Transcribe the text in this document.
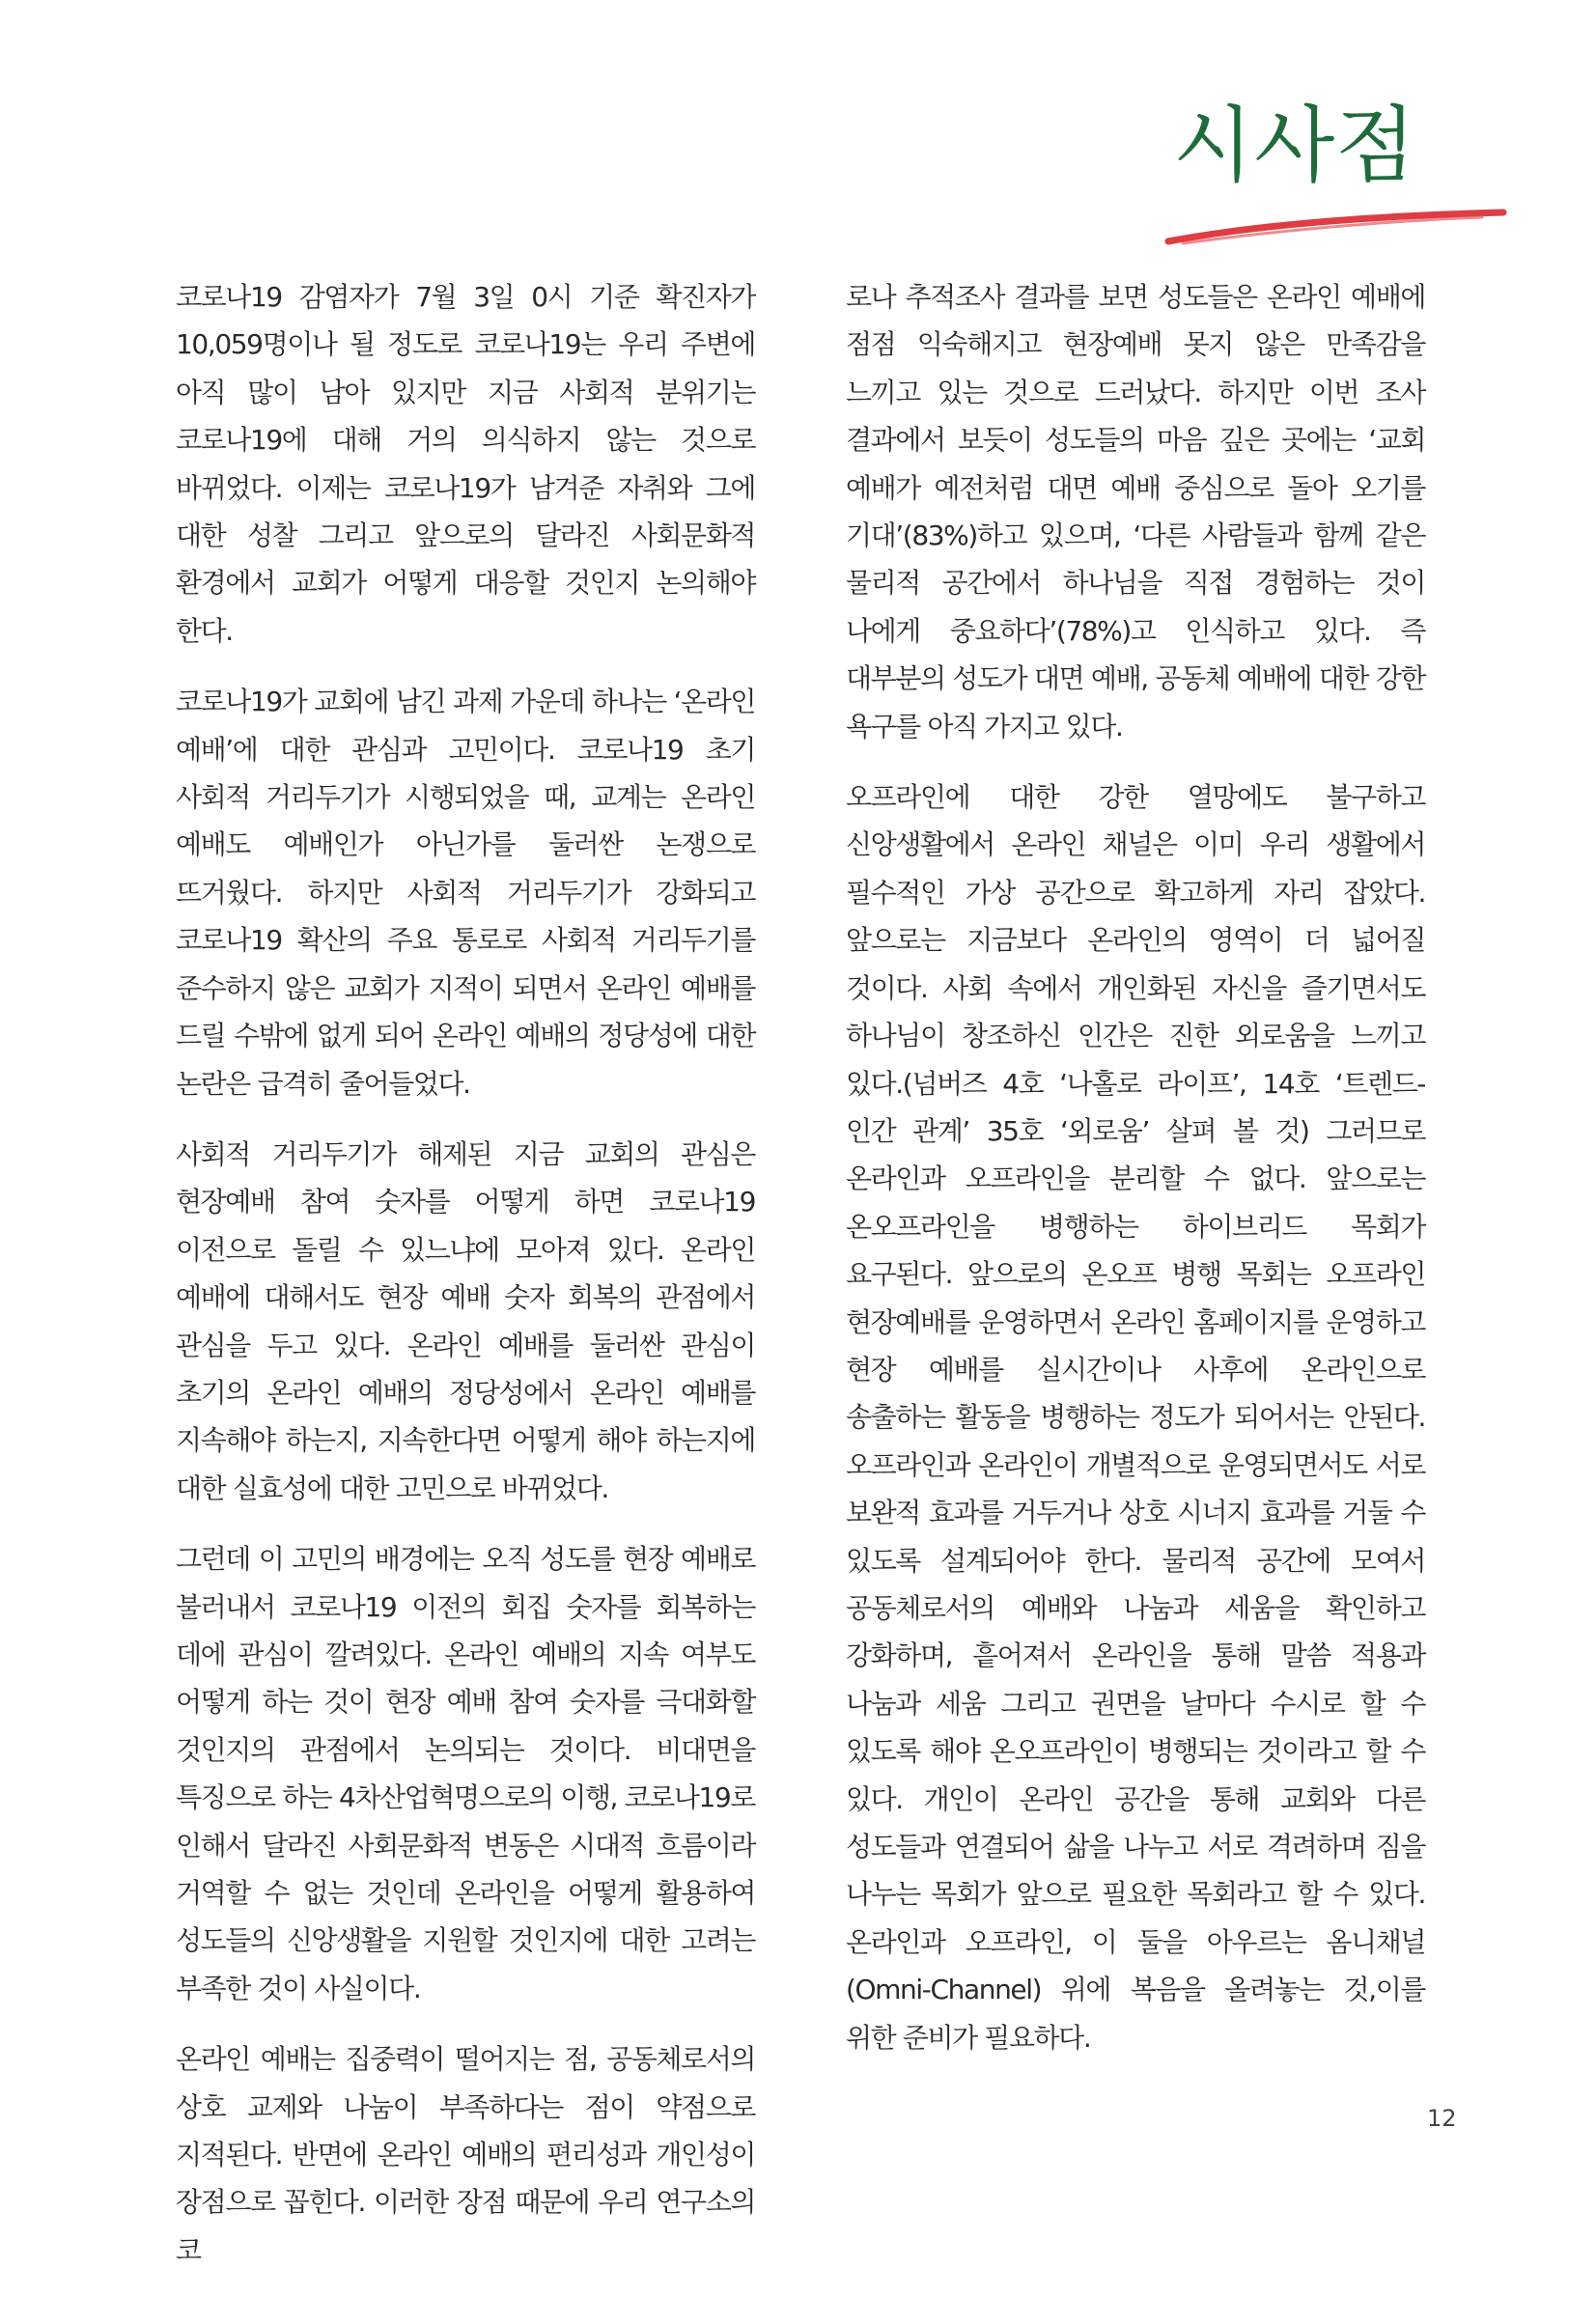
시사점

코로나19 감염자가 7월 3일 0시 기준 확진자가 10,059명이나 될 정도로 코로나19는 우리 주변에 아직 많이 남아 있지만 지금 사회적 분위기는 코로나19에 대해 거의 의식하지 않는 것으로 바뀌었다. 이제는 코로나19가 남겨준 자취와 그에 대한 성찰 그리고 앞으로의 달라진 사회문화적 환경에서 교회가 어떻게 대응할 것인지 논의해야 한다.

코로나19가 교회에 남긴 과제 가운데 하나는 ‘온라인 예배’에 대한 관심과 고민이다. 코로나19 초기 사회적 거리두기가 시행되었을 때, 교계는 온라인 예배도 예배인가 아닌가를 둘러싼 논쟁으로 뜨거웠다. 하지만 사회적 거리두기가 강화되고 코로나19 확산의 주요 통로로 사회적 거리두기를 준수하지 않은 교회가 지적이 되면서 온라인 예배를 드릴 수밖에 없게 되어 온라인 예배의 정당성에 대한 논란은 급격히 줄어들었다.

사회적 거리두기가 해제된 지금 교회의 관심은 현장예배 참여 숫자를 어떻게 하면 코로나19 이전으로 돌릴 수 있느냐에 모아져 있다. 온라인 예배에 대해서도 현장 예배 숫자 회복의 관점에서 관심을 두고 있다. 온라인 예배를 둘러싼 관심이 초기의 온라인 예배의 정당성에서 온라인 예배를 지속해야 하는지, 지속한다면 어떻게 해야 하는지에 대한 실효성에 대한 고민으로 바뀌었다.

그런데 이 고민의 배경에는 오직 성도를 현장 예배로 불러내서 코로나19 이전의 회집 숫자를 회복하는 데에 관심이 깔려있다. 온라인 예배의 지속 여부도 어떻게 하는 것이 현장 예배 참여 숫자를 극대화할 것인지의 관점에서 논의되는 것이다. 비대면을 특징으로 하는 4차산업혁명으로의 이행, 코로나19로 인해서 달라진 사회문화적 변동은 시대적 흐름이라 거역할 수 없는 것인데 온라인을 어떻게 활용하여 성도들의 신앙생활을 지원할 것인지에 대한 고려는 부족한 것이 사실이다.

온라인 예배는 집중력이 떨어지는 점, 공동체로서의 상호 교제와 나눔이 부족하다는 점이 약점으로 지적된다. 반면에 온라인 예배의 편리성과 개인성이 장점으로 꼽힌다. 이러한 장점 때문에 우리 연구소의 코

로나 추적조사 결과를 보면 성도들은 온라인 예배에 점점 익숙해지고 현장예배 못지 않은 만족감을 느끼고 있는 것으로 드러났다. 하지만 이번 조사 결과에서 보듯이 성도들의 마음 깊은 곳에는 ‘교회 예배가 예전처럼 대면 예배 중심으로 돌아 오기를 기대’(83%)하고 있으며, ‘다른 사람들과 함께 같은 물리적 공간에서 하나님을 직접 경험하는 것이 나에게 중요하다’(78%)고 인식하고 있다. 즉 대부분의 성도가 대면 예배, 공동체 예배에 대한 강한 욕구를 아직 가지고 있다.

오프라인에 대한 강한 열망에도 불구하고 신앙생활에서 온라인 채널은 이미 우리 생활에서 필수적인 가상 공간으로 확고하게 자리 잡았다. 앞으로는 지금보다 온라인의 영역이 더 넓어질 것이다. 사회 속에서 개인화된 자신을 즐기면서도 하나님이 창조하신 인간은 진한 외로움을 느끼고 있다.(넘버즈 4호 ‘나홀로 라이프’, 14호 ‘트렌드-인간 관계’ 35호 ‘외로움’ 살펴 볼 것) 그러므로 온라인과 오프라인을 분리할 수 없다. 앞으로는 온오프라인을 병행하는 하이브리드 목회가 요구된다. 앞으로의 온오프 병행 목회는 오프라인 현장예배를 운영하면서 온라인 홈페이지를 운영하고 현장 예배를 실시간이나 사후에 온라인으로 송출하는 활동을 병행하는 정도가 되어서는 안된다. 오프라인과 온라인이 개별적으로 운영되면서도 서로 보완적 효과를 거두거나 상호 시너지 효과를 거둘 수 있도록 설계되어야 한다. 물리적 공간에 모여서 공동체로서의 예배와 나눔과 세움을 확인하고 강화하며, 흩어져서 온라인을 통해 말씀 적용과 나눔과 세움 그리고 권면을 날마다 수시로 할 수 있도록 해야 온오프라인이 병행되는 것이라고 할 수 있다. 개인이 온라인 공간을 통해 교회와 다른 성도들과 연결되어 삶을 나누고 서로 격려하며 짐을 나누는 목회가 앞으로 필요한 목회라고 할 수 있다. 온라인과 오프라인, 이 둘을 아우르는 옴니채널(Omni-Channel) 위에 복음을 올려놓는 것,이를 위한 준비가 필요하다.

12
